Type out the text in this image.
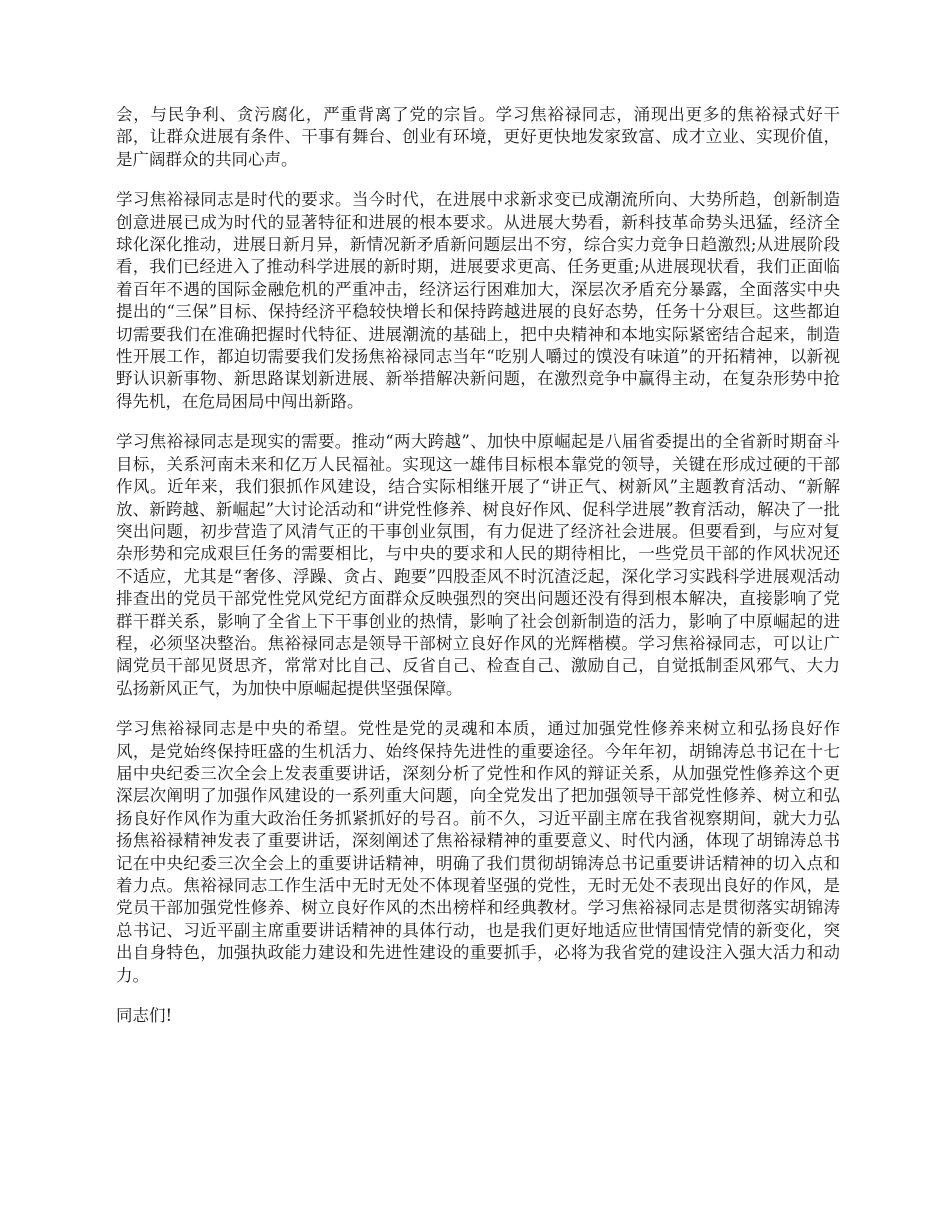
会，与民争利、贪污腐化，严重背离了党的宗旨。学习焦裕禄同志，涌现出更多的焦裕禄式好干部，让群众进展有条件、干事有舞台、创业有环境，更好更快地发家致富、成才立业、实现价值，是广阔群众的共同心声。

学习焦裕禄同志是时代的要求。当今时代，在进展中求新求变已成潮流所向、大势所趋，创新制造创意进展已成为时代的显著特征和进展的根本要求。从进展大势看，新科技革命势头迅猛，经济全球化深化推动，进展日新月异，新情况新矛盾新问题层出不穷，综合实力竞争日趋激烈;从进展阶段看，我们已经进入了推动科学进展的新时期，进展要求更高、任务更重;从进展现状看，我们正面临着百年不遇的国际金融危机的严重冲击，经济运行困难加大，深层次矛盾充分暴露，全面落实中央提出的“三保”目标、保持经济平稳较快增长和保持跨越进展的良好态势，任务十分艰巨。这些都迫切需要我们在准确把握时代特征、进展潮流的基础上，把中央精神和本地实际紧密结合起来，制造性开展工作，都迫切需要我们发扬焦裕禄同志当年“吃别人嚼过的馍没有味道”的开拓精神，以新视野认识新事物、新思路谋划新进展、新举措解决新问题，在激烈竞争中赢得主动，在复杂形势中抢得先机，在危局困局中闯出新路。

学习焦裕禄同志是现实的需要。推动“两大跨越”、加快中原崛起是八届省委提出的全省新时期奋斗目标，关系河南未来和亿万人民福祉。实现这一雄伟目标根本靠党的领导，关键在形成过硬的干部作风。近年来，我们狠抓作风建设，结合实际相继开展了“讲正气、树新风”主题教育活动、“新解放、新跨越、新崛起”大讨论活动和“讲党性修养、树良好作风、促科学进展”教育活动，解决了一批突出问题，初步营造了风清气正的干事创业氛围，有力促进了经济社会进展。但要看到，与应对复杂形势和完成艰巨任务的需要相比，与中央的要求和人民的期待相比，一些党员干部的作风状况还不适应，尤其是“奢侈、浮躁、贪占、跑要”四股歪风不时沉渣泛起，深化学习实践科学进展观活动排查出的党员干部党性党风党纪方面群众反映强烈的突出问题还没有得到根本解决，直接影响了党群干群关系，影响了全省上下干事创业的热情，影响了社会创新制造的活力，影响了中原崛起的进程，必须坚决整治。焦裕禄同志是领导干部树立良好作风的光辉楷模。学习焦裕禄同志，可以让广阔党员干部见贤思齐，常常对比自己、反省自己、检查自己、激励自己，自觉抵制歪风邪气、大力弘扬新风正气，为加快中原崛起提供坚强保障。

学习焦裕禄同志是中央的希望。党性是党的灵魂和本质，通过加强党性修养来树立和弘扬良好作风，是党始终保持旺盛的生机活力、始终保持先进性的重要途径。今年年初，胡锦涛总书记在十七届中央纪委三次全会上发表重要讲话，深刻分析了党性和作风的辩证关系，从加强党性修养这个更深层次阐明了加强作风建设的一系列重大问题，向全党发出了把加强领导干部党性修养、树立和弘扬良好作风作为重大政治任务抓紧抓好的号召。前不久，习近平副主席在我省视察期间，就大力弘扬焦裕禄精神发表了重要讲话，深刻阐述了焦裕禄精神的重要意义、时代内涵，体现了胡锦涛总书记在中央纪委三次全会上的重要讲话精神，明确了我们贯彻胡锦涛总书记重要讲话精神的切入点和着力点。焦裕禄同志工作生活中无时无处不体现着坚强的党性，无时无处不表现出良好的作风，是党员干部加强党性修养、树立良好作风的杰出榜样和经典教材。学习焦裕禄同志是贯彻落实胡锦涛总书记、习近平副主席重要讲话精神的具体行动，也是我们更好地适应世情国情党情的新变化，突出自身特色，加强执政能力建设和先进性建设的重要抓手，必将为我省党的建设注入强大活力和动力。

同志们!
